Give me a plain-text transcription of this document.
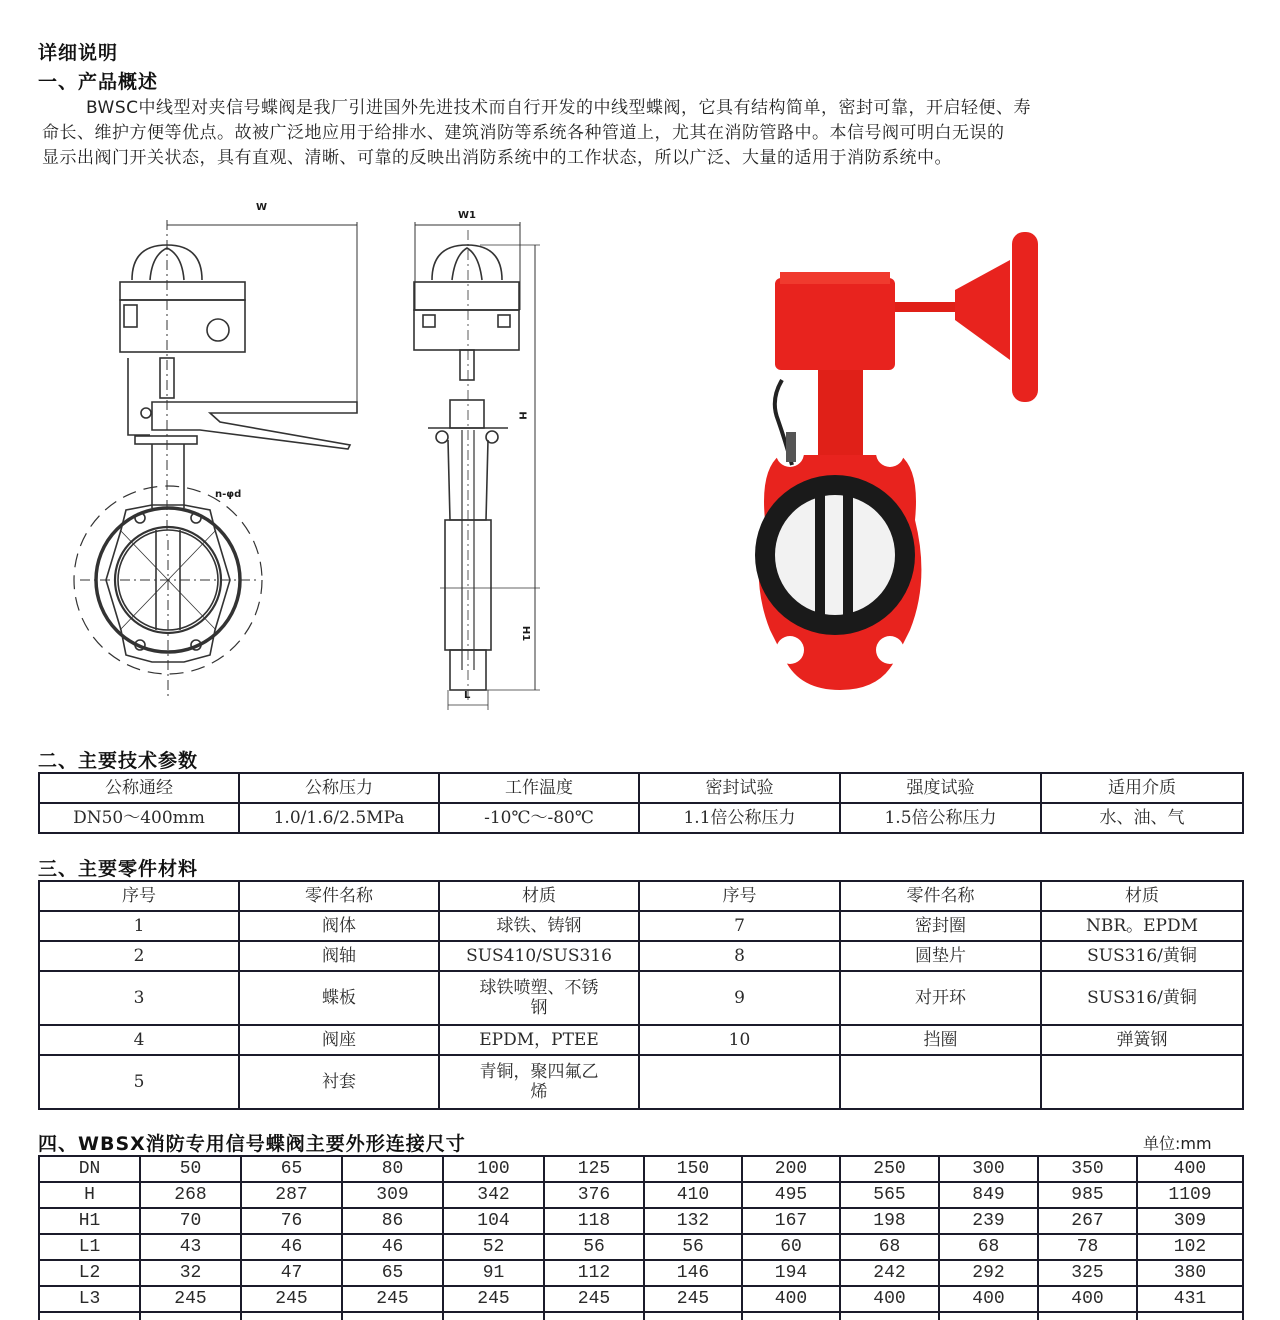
详细说明
一、产品概述
BWSC中线型对夹信号蝶阀是我厂引进国外先进技术而自行开发的中线型蝶阀，它具有结构简单，密封可靠，开启轻便、寿
命长、维护方便等优点。故被广泛地应用于给排水、建筑消防等系统各种管道上，尤其在消防管路中。本信号阀可明白无误的
显示出阀门开关状态，具有直观、清晰、可靠的反映出消防系统中的工作状态，所以广泛、大量的适用于消防系统中。
W
n-φd
W1
H
H1
L
二、主要技术参数
公称通经	公称压力	工作温度	密封试验	强度试验	适用介质
DN50～400mm	1.0/1.6/2.5MPa	-10℃～-80℃	1.1倍公称压力	1.5倍公称压力	水、油、气
三、主要零件材料
序号	零件名称	材质	序号	零件名称	材质
1	阀体	球铁、铸钢	7	密封圈	NBR。EPDM
2	阀轴	SUS410/SUS316	8	圆垫片	SUS316/黄铜
3	蝶板	球铁喷塑、不锈钢	9	对开环	SUS316/黄铜
4	阀座	EPDM，PTEE	10	挡圈	弹簧钢
5	衬套	青铜，聚四氟乙烯			
四、WBSX消防专用信号蝶阀主要外形连接尺寸	单位:mm
DN	50	65	80	100	125	150	200	250	300	350	400
H	268	287	309	342	376	410	495	565	849	985	1109
H1	70	76	86	104	118	132	167	198	239	267	309
L1	43	46	46	52	56	56	60	68	68	78	102
L2	32	47	65	91	112	146	194	242	292	325	380
L3	245	245	245	245	245	245	400	400	400	400	431
